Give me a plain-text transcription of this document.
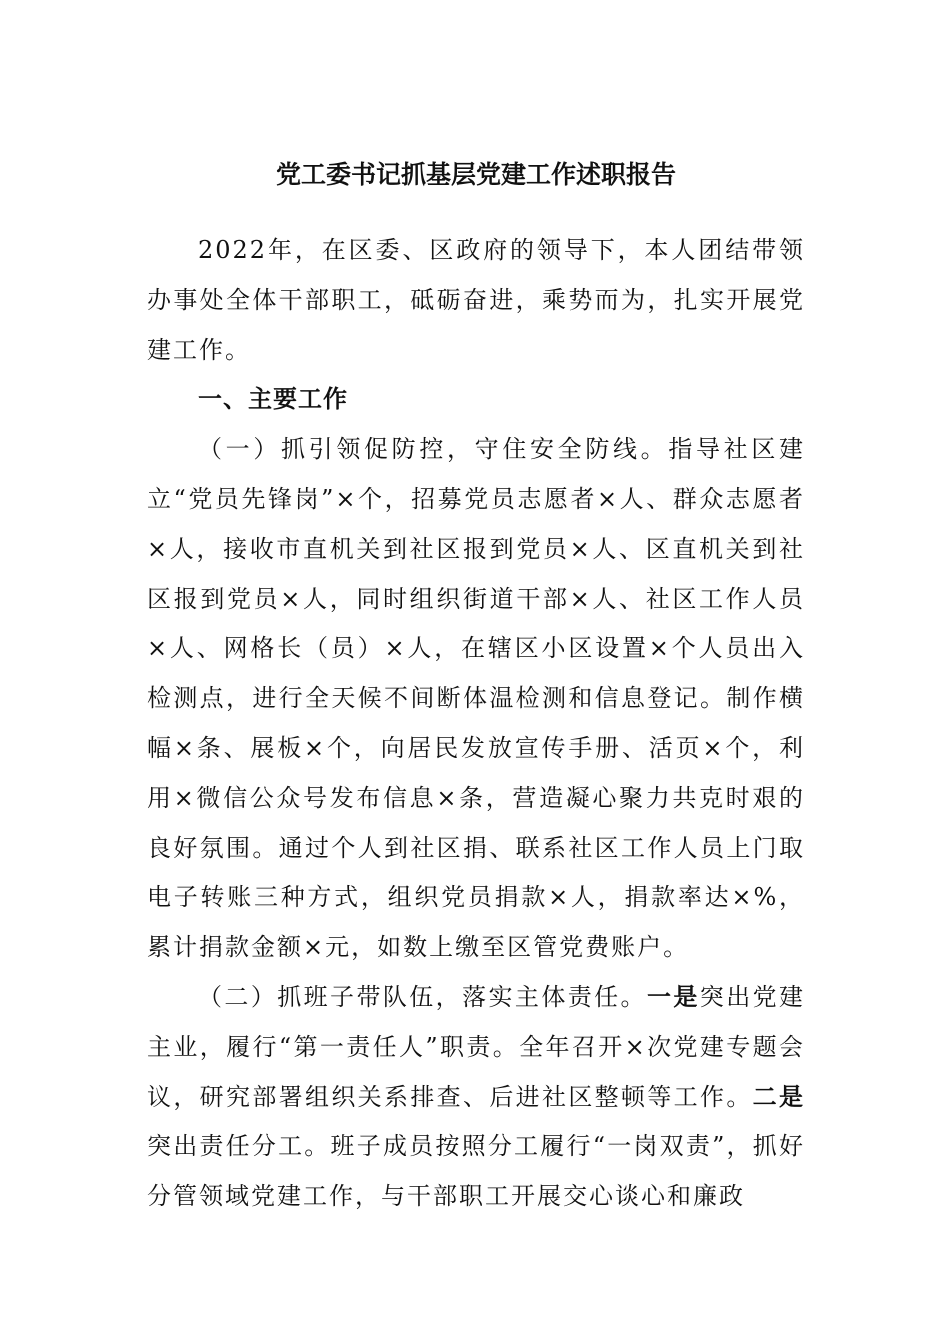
党工委书记抓基层党建工作述职报告

2022年，在区委、区政府的领导下，本人团结带领办事处全体干部职工，砥砺奋进，乘势而为，扎实开展党建工作。

一、主要工作

（一）抓引领促防控，守住安全防线。指导社区建立“党员先锋岗”×个，招募党员志愿者×人、群众志愿者×人，接收市直机关到社区报到党员×人、区直机关到社区报到党员×人，同时组织街道干部×人、社区工作人员×人、网格长（员）×人，在辖区小区设置×个人员出入检测点，进行全天候不间断体温检测和信息登记。制作横幅×条、展板×个，向居民发放宣传手册、活页×个，利用×微信公众号发布信息×条，营造凝心聚力共克时艰的良好氛围。通过个人到社区捐、联系社区工作人员上门取电子转账三种方式，组织党员捐款×人，捐款率达×%，累计捐款金额×元，如数上缴至区管党费账户。

（二）抓班子带队伍，落实主体责任。一是突出党建主业，履行“第一责任人”职责。全年召开×次党建专题会议，研究部署组织关系排查、后进社区整顿等工作。二是突出责任分工。班子成员按照分工履行“一岗双责”，抓好分管领域党建工作，与干部职工开展交心谈心和廉政
